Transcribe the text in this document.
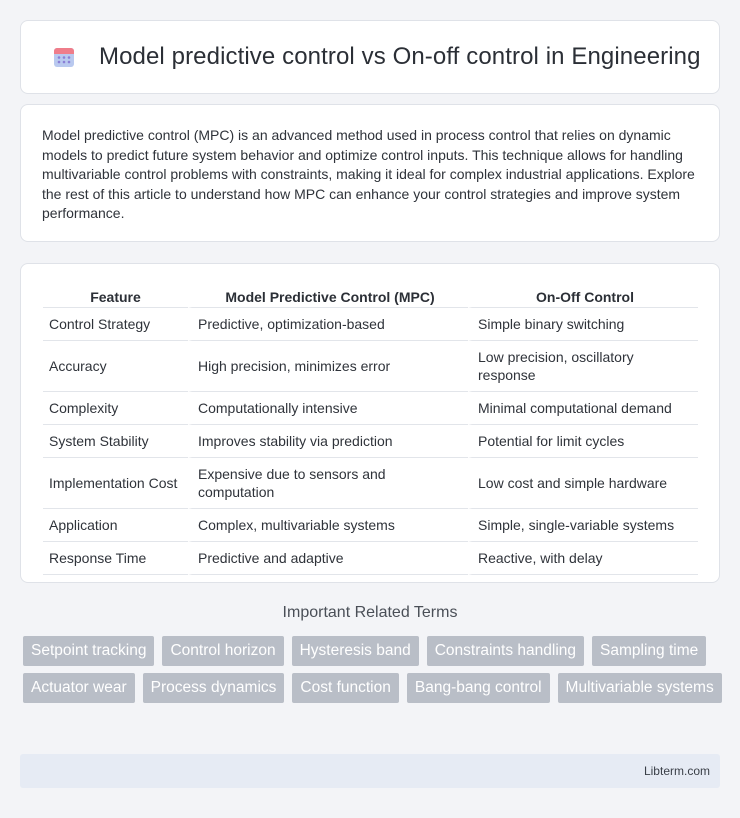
Model predictive control vs On-off control in Engineering

Model predictive control (MPC) is an advanced method used in process control that relies on dynamic models to predict future system behavior and optimize control inputs. This technique allows for handling multivariable control problems with constraints, making it ideal for complex industrial applications. Explore the rest of this article to understand how MPC can enhance your control strategies and improve system performance.

Feature	Model Predictive Control (MPC)	On-Off Control
Control Strategy	Predictive, optimization-based	Simple binary switching
Accuracy	High precision, minimizes error	Low precision, oscillatory response
Complexity	Computationally intensive	Minimal computational demand
System Stability	Improves stability via prediction	Potential for limit cycles
Implementation Cost	Expensive due to sensors and computation	Low cost and simple hardware
Application	Complex, multivariable systems	Simple, single-variable systems
Response Time	Predictive and adaptive	Reactive, with delay
Important Related Terms
Setpoint tracking	Control horizon	Hysteresis band	Constraints handling	Sampling time
Actuator wear	Process dynamics	Cost function	Bang-bang control	Multivariable systems
Libterm.com
